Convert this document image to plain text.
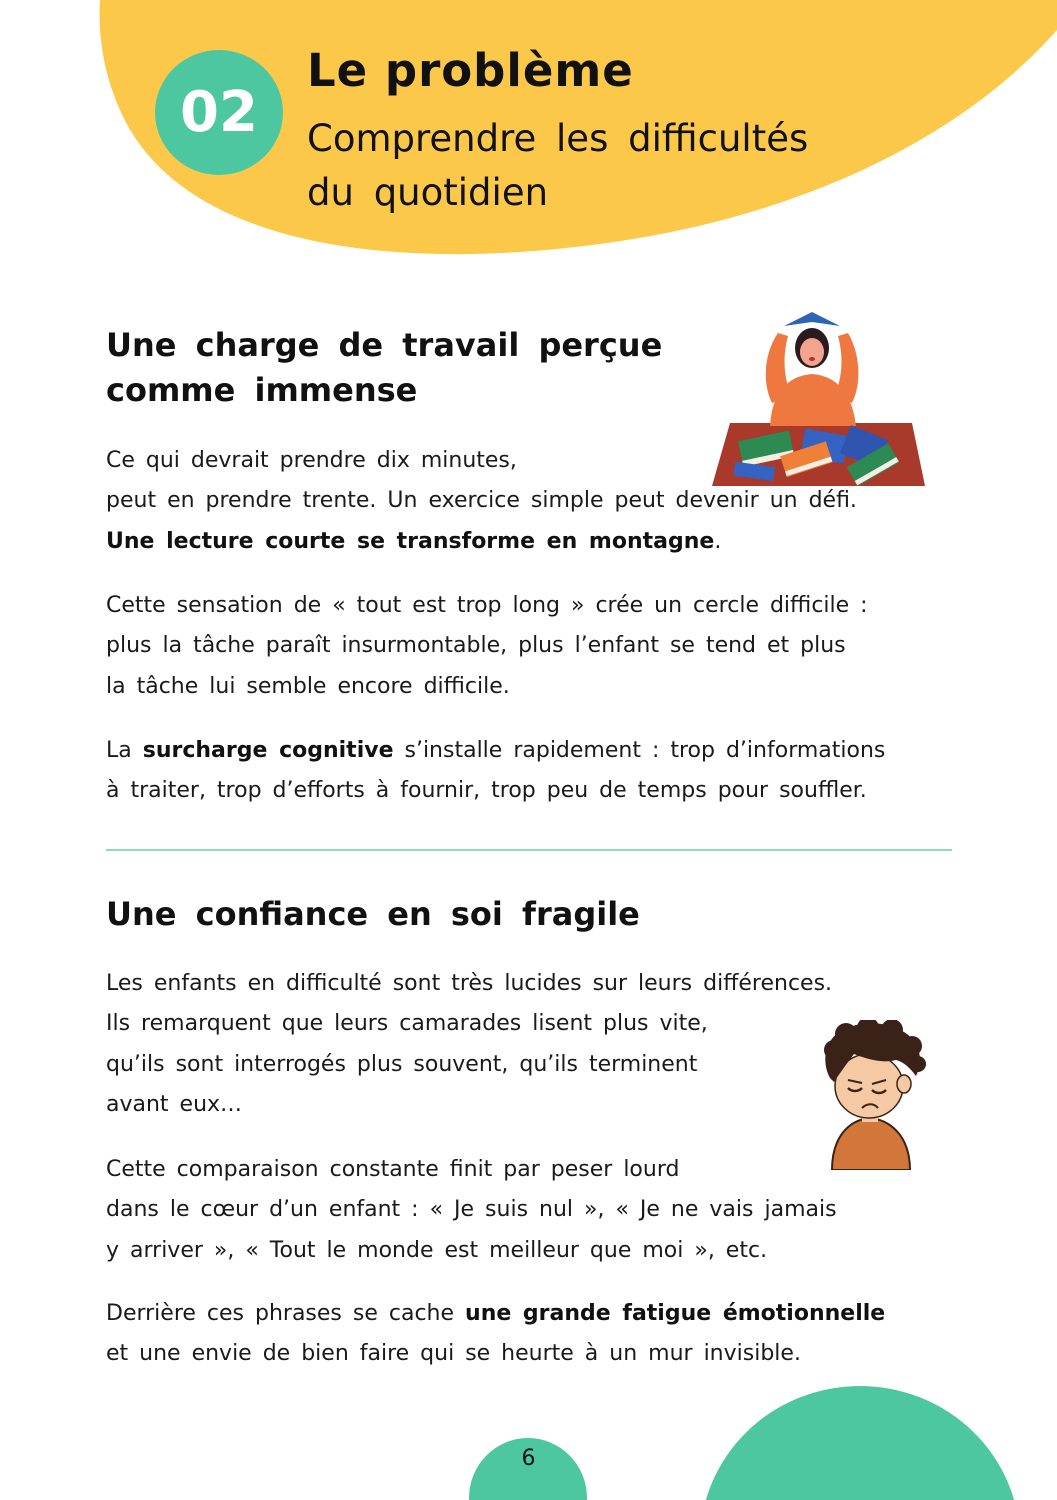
02
Le problème
Comprendre les difficultés
du quotidien
Une charge de travail perçue
comme immense

Ce qui devrait prendre dix minutes,
peut en prendre trente. Un exercice simple peut devenir un défi.
Une lecture courte se transforme en montagne.

Cette sensation de « tout est trop long » crée un cercle difficile :
plus la tâche paraît insurmontable, plus l’enfant se tend et plus
la tâche lui semble encore difficile.

La surcharge cognitive s’installe rapidement : trop d’informations
à traiter, trop d’efforts à fournir, trop peu de temps pour souffler.

Une confiance en soi fragile

Les enfants en difficulté sont très lucides sur leurs différences.
Ils remarquent que leurs camarades lisent plus vite,
qu’ils sont interrogés plus souvent, qu’ils terminent
avant eux…

Cette comparaison constante finit par peser lourd
dans le cœur d’un enfant : « Je suis nul », « Je ne vais jamais
y arriver », « Tout le monde est meilleur que moi », etc.

Derrière ces phrases se cache une grande fatigue émotionnelle
et une envie de bien faire qui se heurte à un mur invisible.

6
